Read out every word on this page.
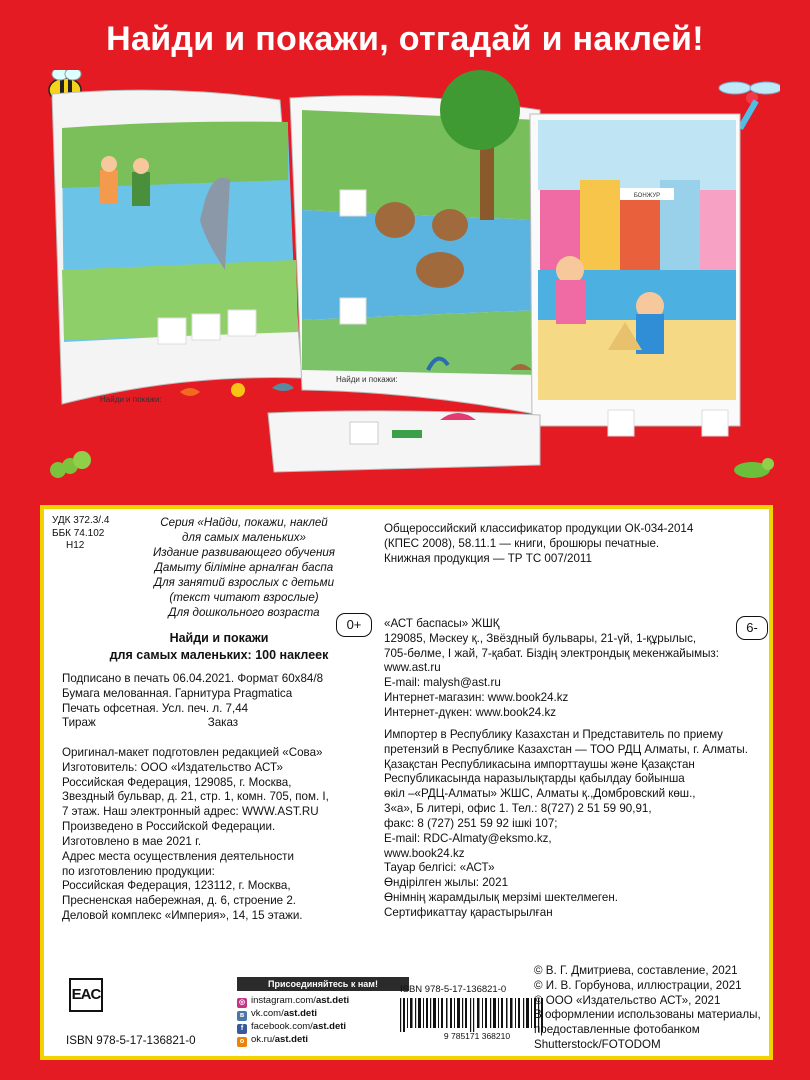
Найди и покажи, отгадай и наклей!
Найди и покажи:
Найди и покажи:
БОНЖУР
УДК 372.3/.4
ББК 74.102
Н12
Серия «Найди, покажи, наклей
для самых маленьких»
Издание развивающего обучения
Дамыту біліміне арналған баспа
Для занятий взрослых с детьми
(текст читают взрослые)
Для дошкольного возраста
0+
Найди и покажи
для самых маленьких: 100 наклеек
Подписано в печать 06.04.2021. Формат 60х84/8
Бумага мелованная. Гарнитура Pragmatica
Печать офсетная. Усл. печ. л. 7,44
Тираж	Заказ
Оригинал-макет подготовлен редакцией «Сова»
Изготовитель: ООО «Издательство АСТ»
Российская Федерация, 129085, г. Москва,
Звездный бульвар, д. 21, стр. 1, комн. 705, пом. I,
7 этаж. Наш электронный адрес: WWW.AST.RU
Произведено в Российской Федерации.
Изготовлено в мае 2021 г.
Адрес места осуществления деятельности
по изготовлению продукции:
Российская Федерация, 123112, г. Москва,
Пресненская набережная, д. 6, строение 2.
Деловой комплекс «Империя», 14, 15 этажи.
Общероссийский классификатор продукции ОК-034-2014
(КПЕС 2008), 58.11.1 — книги, брошюры печатные.
Книжная продукция — ТР ТС 007/2011
6-
«АСТ баспасы» ЖШҚ
129085, Мәскеу қ., Звёздный бульвары, 21-үй, 1-құрылыс,
705-бөлме, I жай, 7-қабат. Біздің электрондық мекенжайымыз:
www.ast.ru
E-mail: malysh@ast.ru
Интернет-магазин: www.book24.kz
Интернет-дүкен: www.book24.kz
Импортер в Республику Казахстан и Представитель по приему
претензий в Республике Казахстан — ТОО РДЦ Алматы, г. Алматы.
Қазақстан Республикасына импорттаушы және Қазақстан
Республикасында наразылықтарды қабылдау бойынша
өкіл –«РДЦ-Алматы» ЖШС, Алматы қ.,Домбровский көш.,
3«а», Б литері, офис 1. Тел.: 8(727) 2 51 59 90,91,
факс: 8 (727) 251 59 92 ішкі 107;
E-mail: RDC-Almaty@eksmo.kz,
www.book24.kz
Тауар белгісі: «АСТ»
Өндірілген жылы: 2021
Өнімнің жарамдылық мерзімі шектелмеген.
Сертификаттау қарастырылған
EAC
Присоединяйтесь к нам!
◎ instagram.com/ast.deti
в vk.com/ast.deti
f facebook.com/ast.deti
о ok.ru/ast.deti
ISBN 978-5-17-136821-0
ISBN 978-5-17-136821-0
9 785171 368210
© В. Г. Дмитриева, составление, 2021
© И. В. Горбунова, иллюстрации, 2021
© ООО «Издательство АСТ», 2021
В оформлении использованы материалы,
предоставленные фотобанком
Shutterstock/FOTODOM
